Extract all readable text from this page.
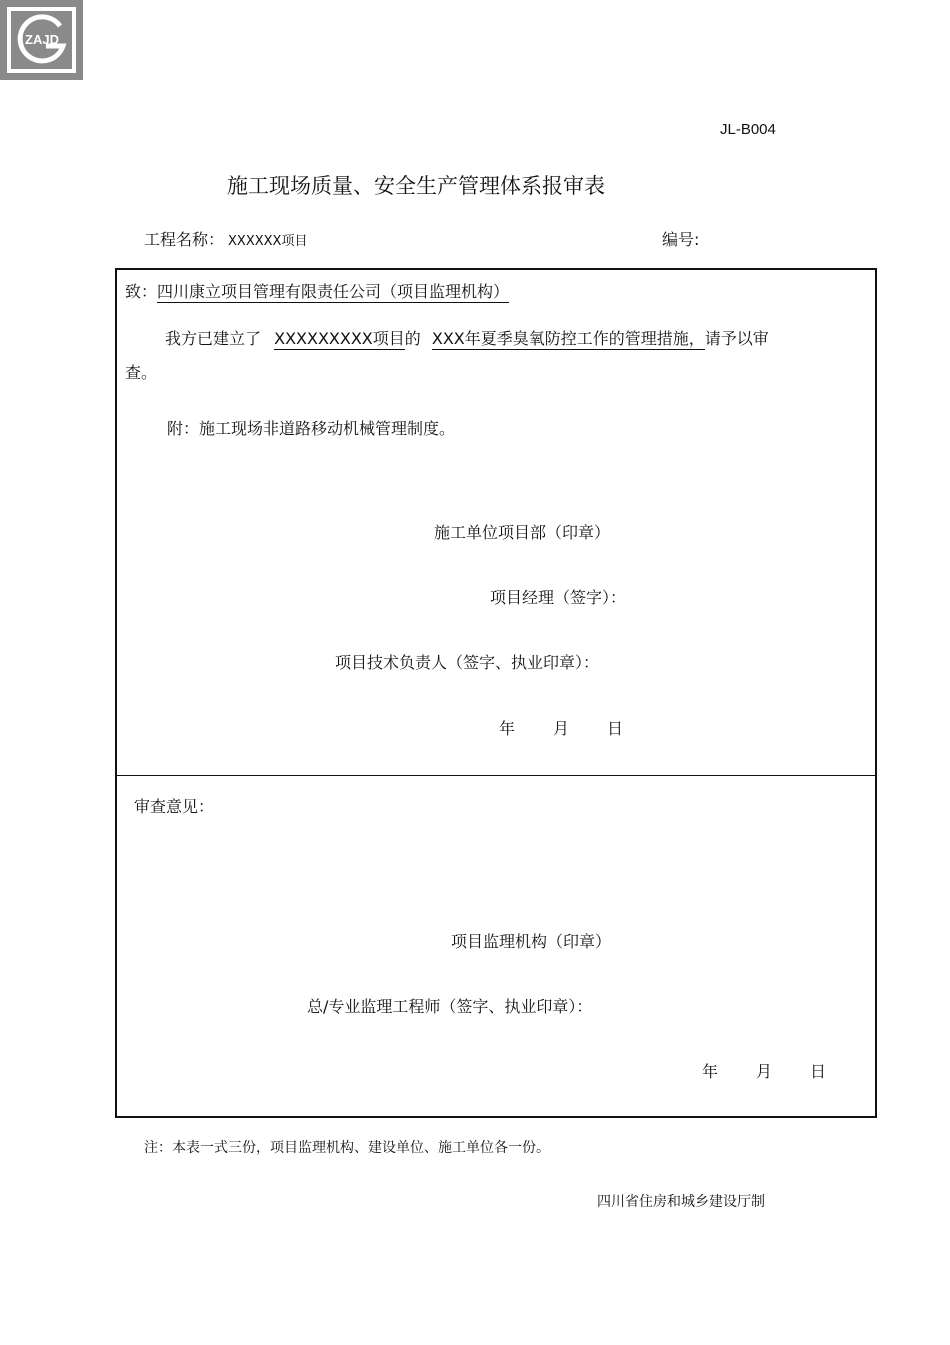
JL-B004
ZAJD
施工现场质量、安全生产管理体系报审表
工程名称： XXXXXX项目	编号:
致：四川康立项目管理有限责任公司（项目监理机构）
我方已建立了 XXXXXXXXX项目的 XXX年夏季臭氧防控工作的管理措施，请予以审
查。
附：施工现场非道路移动机械管理制度。
施工单位项目部（印章）
项目经理（签字）：
项目技术负责人（签字、执业印章）：
年 月 日
审查意见：
项目监理机构（印章）
总/专业监理工程师（签字、执业印章）：
年 月 日
注：本表一式三份，项目监理机构、建设单位、施工单位各一份。
四川省住房和城乡建设厅制
